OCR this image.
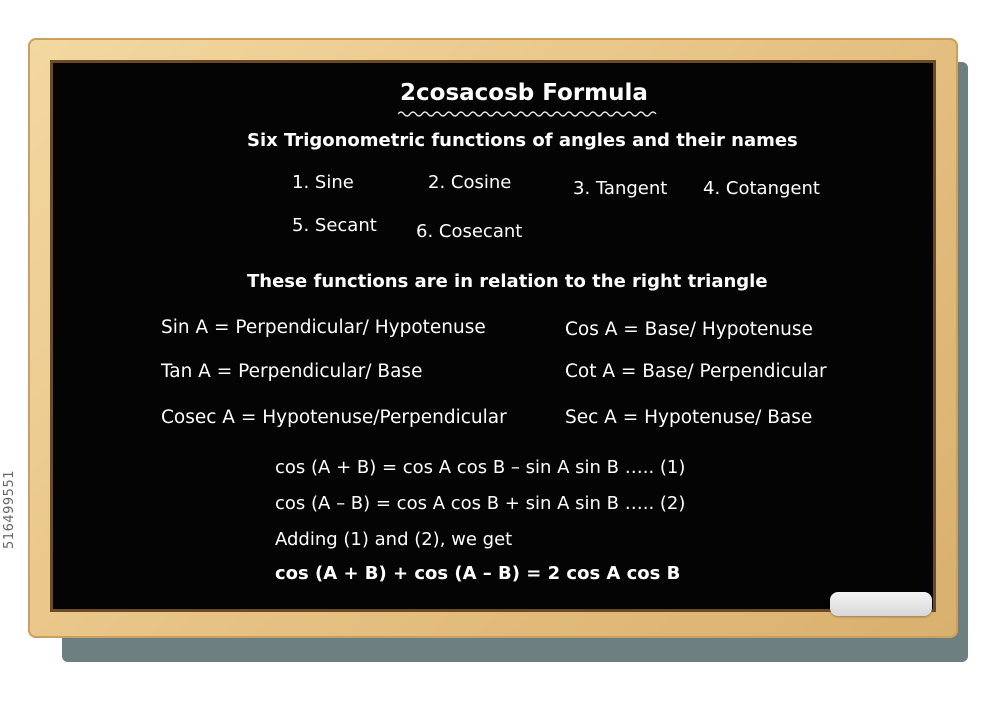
516499551
2cosacosb Formula
Six Trigonometric functions of angles and their names
1. Sine	2. Cosine	3. Tangent 4. Cotangent
5. Secant 6. Cosecant
These functions are in relation to the right triangle
Sin A = Perpendicular/ Hypotenuse
Tan A = Perpendicular/ Base
Cosec A = Hypotenuse/Perpendicular
Cos A = Base/ Hypotenuse
Cot A = Base/ Perpendicular
Sec A = Hypotenuse/ Base
cos (A + B) = cos A cos B – sin A sin B ….. (1)
cos (A – B) = cos A cos B + sin A sin B ….. (2)
Adding (1) and (2), we get
cos (A + B) + cos (A – B) = 2 cos A cos B
